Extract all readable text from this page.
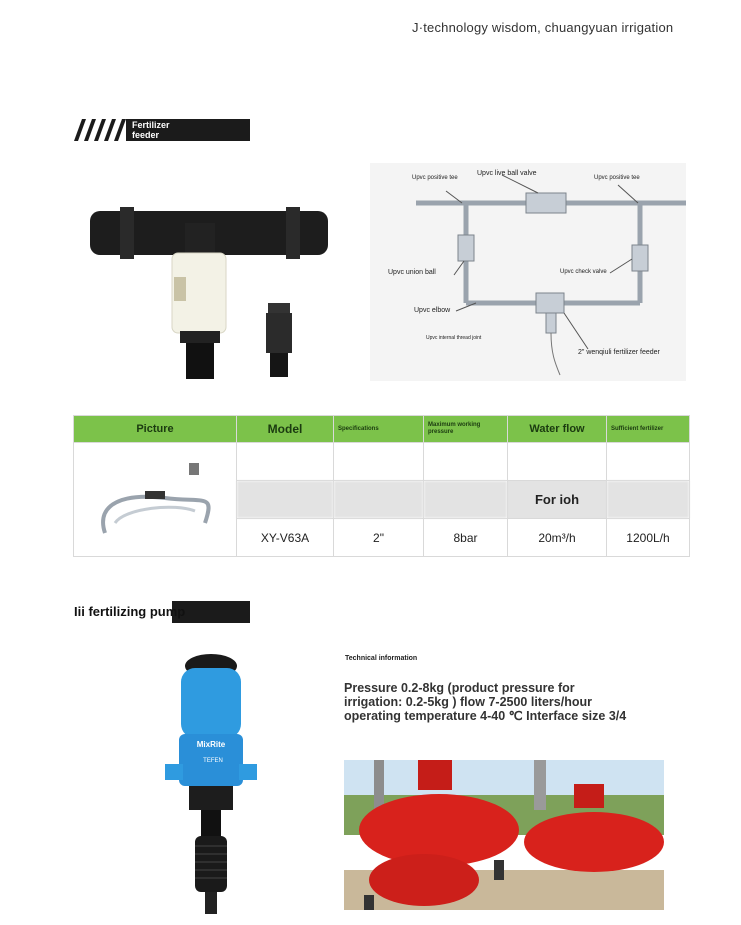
J·technology wisdom, chuangyuan irrigation
Fertilizer
feeder
Upvc positive tee
Upvc live ball valve
Upvc positive tee
Upvc union ball	Upvc check valve
Upvc elbow
Upvc internal thread joint
2" wenqiuli fertilizer feeder
Picture	Model	Specifications	Maximum working pressure	Water flow	Sufficient fertilizer

				For ioh	
	XY-V63A	2"	8bar	20m³/h	1200L/h
Iii fertilizing pump
MixRite
TEFEN
Technical information
Pressure 0.2-8kg (product pressure for irrigation: 0.2-5kg ) flow 7-2500 liters/hour operating temperature 4-40 ℃ Interface size 3/4
